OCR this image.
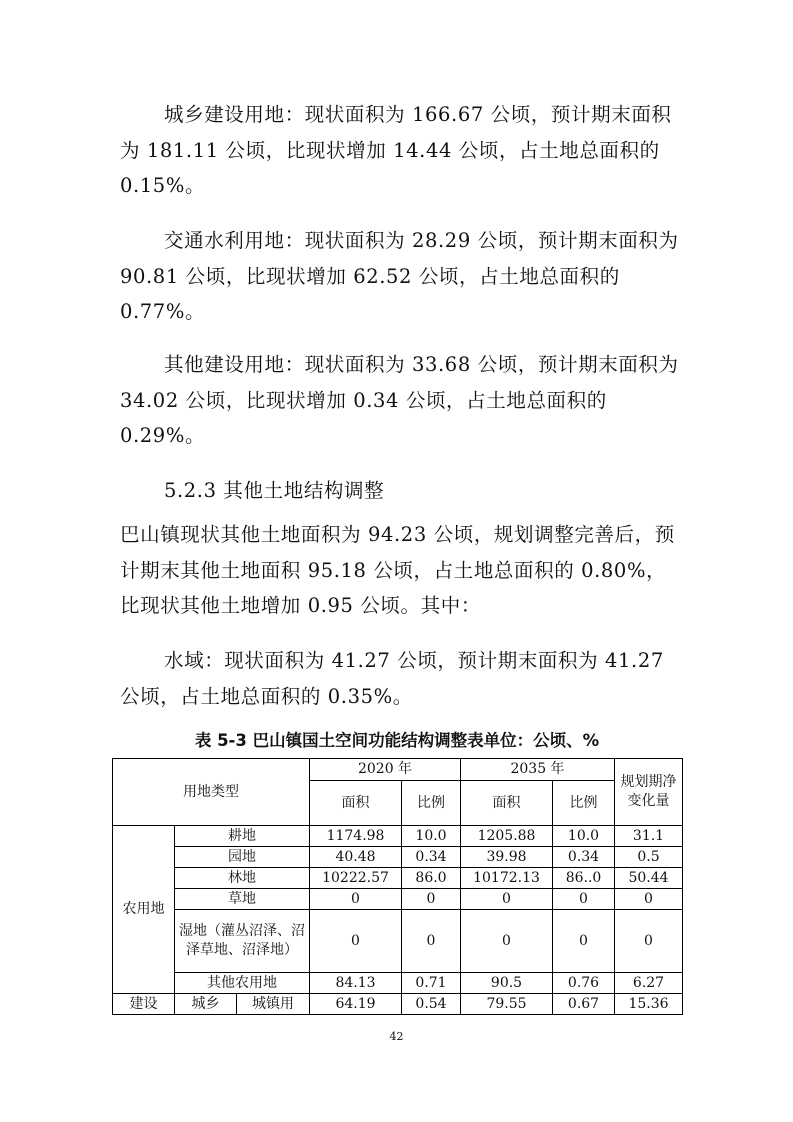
城乡建设用地：现状面积为 166.67 公顷，预计期末面积为 181.11 公顷，比现状增加 14.44 公顷，占土地总面积的 0.15%。

交通水利用地：现状面积为 28.29 公顷，预计期末面积为 90.81 公顷，比现状增加 62.52 公顷，占土地总面积的 0.77%。

其他建设用地：现状面积为 33.68 公顷，预计期末面积为 34.02 公顷，比现状增加 0.34 公顷，占土地总面积的 0.29%。

5.2.3 其他土地结构调整

巴山镇现状其他土地面积为 94.23 公顷，规划调整完善后，预计期末其他土地面积 95.18 公顷，占土地总面积的 0.80%，比现状其他土地增加 0.95 公顷。其中：

水域：现状面积为 41.27 公顷，预计期末面积为 41.27 公顷，占土地总面积的 0.35%。

表 5-3 巴山镇国土空间功能结构调整表单位：公顷、%

用地类型			2020 年		2035 年		规划期净变化量
			面积	比例	面积	比例	
农用地	耕地		1174.98	10.0	1205.88	10.0	31.1
	园地		40.48	0.34	39.98	0.34	0.5
	林地		10222.57	86.0	10172.13	86..0	50.44
	草地		0	0	0	0	0
	湿地（灌丛沼泽、沼泽草地、沼泽地）		0	0	0	0	0
	其他农用地		84.13	0.71	90.5	0.76	6.27
建设	城乡	城镇用	64.19	0.54	79.55	0.67	15.36

42
